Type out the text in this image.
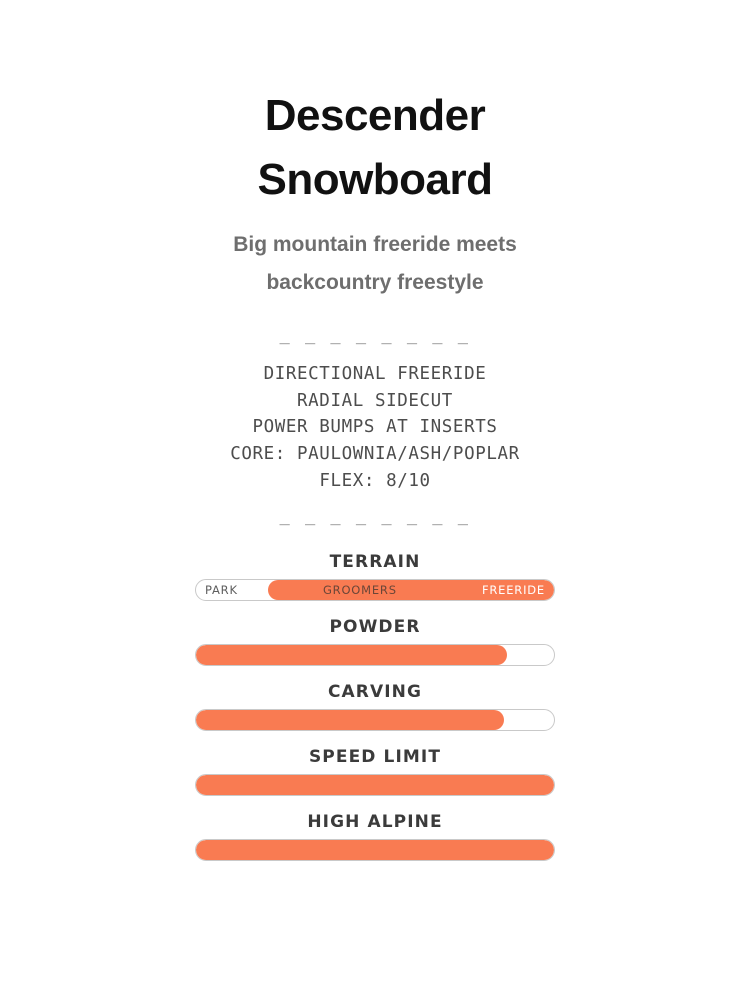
Descender Snowboard
Big mountain freeride meets backcountry freestyle
_ _ _ _ _ _ _ _
DIRECTIONAL FREERIDE
RADIAL SIDECUT
POWER BUMPS AT INSERTS
CORE: PAULOWNIA/ASH/POPLAR
FLEX: 8/10
_ _ _ _ _ _ _ _
TERRAIN
PARK	GROOMERS	FREERIDE
POWDER
CARVING
SPEED LIMIT
HIGH ALPINE
